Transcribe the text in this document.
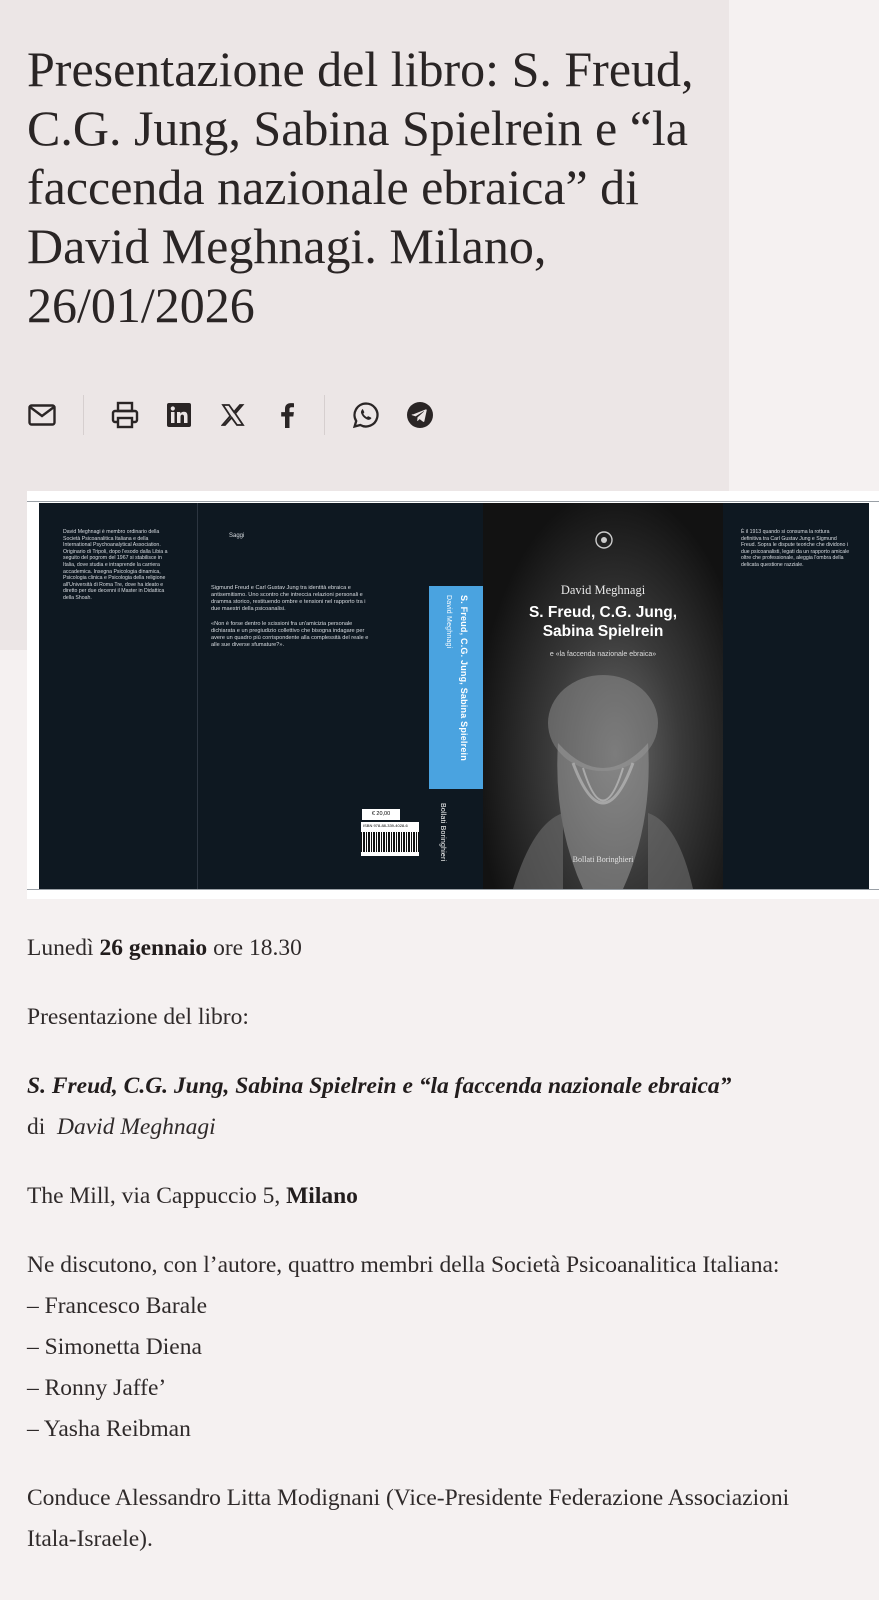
Presentazione del libro: S. Freud, C.G. Jung, Sabina Spielrein e “la faccenda nazionale ebraica” di David Meghnagi. Milano, 26/01/2026
David Meghnagi è membro ordinario della Società Psicoanalitica Italiana e della International Psychoanalytical Association. Originario di Tripoli, dopo l'esodo dalla Libia a seguito del pogrom del 1967 si stabilisce in Italia, dove studia e intraprende la carriera accademica. Insegna Psicologia dinamica, Psicologia clinica e Psicologia della religione all'Università di Roma Tre, dove ha ideato e diretto per due decenni il Master in Didattica della Shoah.
Saggi
Sigmund Freud e Carl Gustav Jung tra identità ebraica e antisemitismo. Uno scontro che intreccia relazioni personali e dramma storico, restituendo ombre e tensioni nel rapporto tra i due maestri della psicoanalisi.
«Non è forse dentro le scissioni fra un'amicizia personale dichiarata e un pregiudizio collettivo che bisogna indagare per avere un quadro più corrispondente alla complessità del reale e alle sue diverse sfumature?».
€ 20,00
ISBN 978-88-339-4028-6
S. Freud, C.G. Jung, Sabina Spielrein
David Meghnagi
Bollati Boringhieri
David Meghnagi
S. Freud, C.G. Jung,
Sabina Spielrein
e «la faccenda nazionale ebraica»
Bollati Boringhieri
È il 1913 quando si consuma la rottura definitiva tra Carl Gustav Jung e Sigmund Freud. Sopra le dispute teoriche che dividono i due psicoanalisti, legati da un rapporto amicale oltre che professionale, aleggia l'ombra della delicata questione razziale.
Lunedì 26 gennaio ore 18.30
Presentazione del libro:
S. Freud, C.G. Jung, Sabina Spielrein e “la faccenda nazionale ebraica”
di David Meghnagi
The Mill, via Cappuccio 5, Milano
Ne discutono, con l’autore, quattro membri della Società Psicoanalitica Italiana:
– Francesco Barale
– Simonetta Diena
– Ronny Jaffe’
– Yasha Reibman
Conduce Alessandro Litta Modignani (Vice-Presidente Federazione Associazioni
Itala-Israele).
